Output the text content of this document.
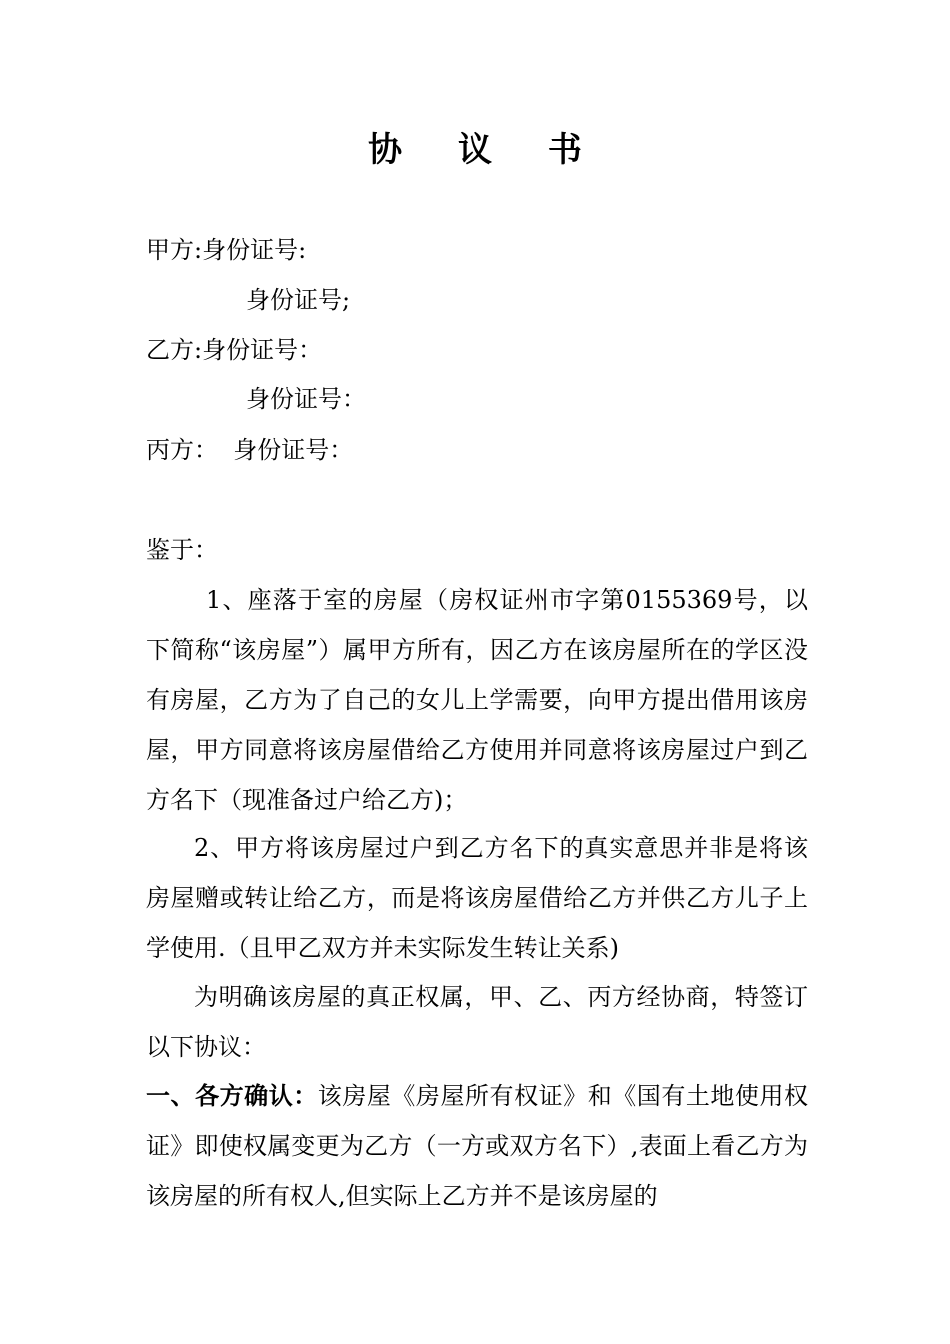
协 议 书
甲方:身份证号:
身份证号;
乙方:身份证号：
身份证号：
丙方：  身份证号：
鉴于：
1、座落于室的房屋（房权证州市字第0155369号，以下简称“该房屋”）属甲方所有，因乙方在该房屋所在的学区没有房屋，乙方为了自己的女儿上学需要，向甲方提出借用该房屋，甲方同意将该房屋借给乙方使用并同意将该房屋过户到乙方名下（现准备过户给乙方)；
2、甲方将该房屋过户到乙方名下的真实意思并非是将该房屋赠或转让给乙方，而是将该房屋借给乙方并供乙方儿子上学使用.（且甲乙双方并未实际发生转让关系)
为明确该房屋的真正权属，甲、乙、丙方经协商，特签订以下协议：
一、各方确认：该房屋《房屋所有权证》和《国有土地使用权证》即使权属变更为乙方（一方或双方名下）,表面上看乙方为该房屋的所有权人,但实际上乙方并不是该房屋的
